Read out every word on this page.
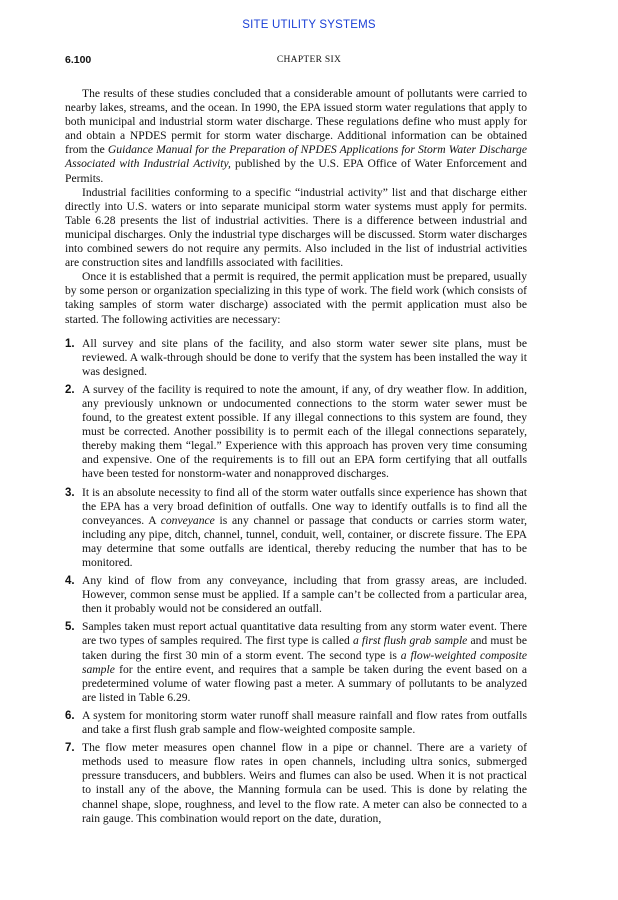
SITE UTILITY SYSTEMS
6.100	CHAPTER SIX

The results of these studies concluded that a considerable amount of pollutants were carried to nearby lakes, streams, and the ocean. In 1990, the EPA issued storm water regulations that apply to both municipal and industrial storm water discharge. These regulations define who must apply for and obtain a NPDES permit for storm water discharge. Additional information can be obtained from the Guidance Manual for the Preparation of NPDES Applications for Storm Water Discharge Associated with Industrial Activity, published by the U.S. EPA Office of Water Enforcement and Permits.

Industrial facilities conforming to a specific “industrial activity” list and that discharge either directly into U.S. waters or into separate municipal storm water systems must apply for permits. Table 6.28 presents the list of industrial activities. There is a difference between industrial and municipal discharges. Only the industrial type discharges will be discussed. Storm water discharges into combined sewers do not require any permits. Also included in the list of industrial activities are construction sites and landfills associated with facilities.

Once it is established that a permit is required, the permit application must be prepared, usually by some person or organization specializing in this type of work. The field work (which consists of taking samples of storm water discharge) associated with the permit application must also be started. The following activities are necessary:

1. All survey and site plans of the facility, and also storm water sewer site plans, must be reviewed. A walk-through should be done to verify that the system has been installed the way it was designed.
2. A survey of the facility is required to note the amount, if any, of dry weather flow. In addition, any previously unknown or undocumented connections to the storm water sewer must be found, to the greatest extent possible. If any illegal connections to this system are found, they must be corrected. Another possibility is to permit each of the illegal connections separately, thereby making them “legal.” Experience with this approach has proven very time consuming and expensive. One of the requirements is to fill out an EPA form certifying that all outfalls have been tested for nonstorm-water and nonapproved discharges.
3. It is an absolute necessity to find all of the storm water outfalls since experience has shown that the EPA has a very broad definition of outfalls. One way to identify outfalls is to find all the conveyances. A conveyance is any channel or passage that conducts or carries storm water, including any pipe, ditch, channel, tunnel, conduit, well, container, or discrete fissure. The EPA may determine that some outfalls are identical, thereby reducing the number that has to be monitored.
4. Any kind of flow from any conveyance, including that from grassy areas, are included. However, common sense must be applied. If a sample can’t be collected from a particular area, then it probably would not be considered an outfall.
5. Samples taken must report actual quantitative data resulting from any storm water event. There are two types of samples required. The first type is called a first flush grab sample and must be taken during the first 30 min of a storm event. The second type is a flow-weighted composite sample for the entire event, and requires that a sample be taken during the event based on a predetermined volume of water flowing past a meter. A summary of pollutants to be analyzed are listed in Table 6.29.
6. A system for monitoring storm water runoff shall measure rainfall and flow rates from outfalls and take a first flush grab sample and flow-weighted composite sample.
7. The flow meter measures open channel flow in a pipe or channel. There are a variety of methods used to measure flow rates in open channels, including ultra sonics, submerged pressure transducers, and bubblers. Weirs and flumes can also be used. When it is not practical to install any of the above, the Manning formula can be used. This is done by relating the channel shape, slope, roughness, and level to the flow rate. A meter can also be connected to a rain gauge. This combination would report on the date, duration,
